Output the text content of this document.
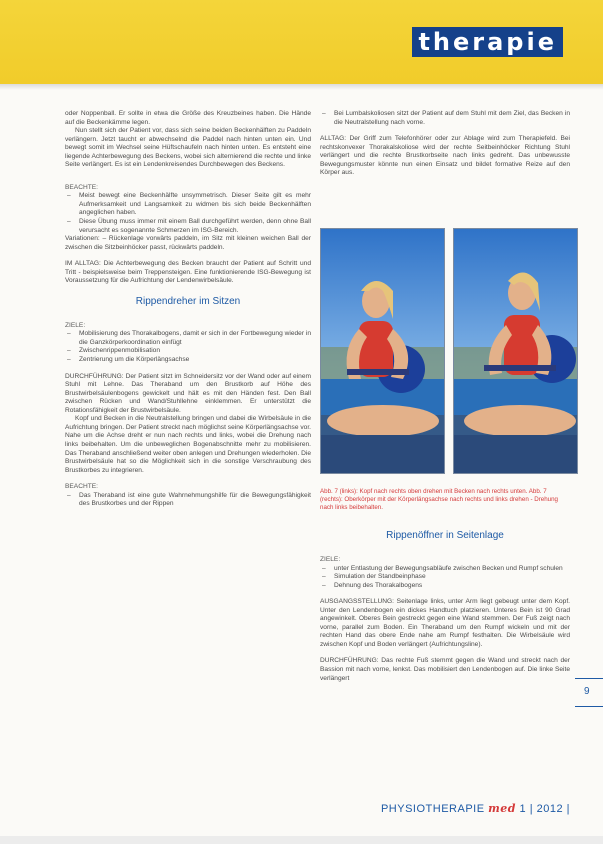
therapie

oder Noppenball. Er sollte in etwa die Größe des Kreuzbeines haben. Die Hände auf die Beckenkämme legen.

Nun stellt sich der Patient vor, dass sich seine beiden Beckenhälften zu Paddeln verlängern. Jetzt taucht er abwechselnd die Paddel nach hinten unten ein. Und bewegt somit im Wechsel seine Hüftschaufeln nach hinten unten. Es entsteht eine liegende Achterbewegung des Beckens, wobei sich alternierend die rechte und linke Seite verlängert. Es ist ein Lendenkreisendes Durchbewegen des Beckens.

BEACHTE:

– Meist bewegt eine Beckenhälfte unsymmetrisch. Dieser Seite gilt es mehr Aufmerksamkeit und Langsamkeit zu widmen bis sich beide Beckenhälften angeglichen haben.
– Diese Übung muss immer mit einem Ball durchgeführt werden, denn ohne Ball verursacht es sogenannte Schmerzen im ISG-Bereich.

Variationen: – Rückenlage vorwärts paddeln, im Sitz mit kleinen weichen Ball der zwischen die Sitzbeinhöcker passt, rückwärts paddeln.

IM ALLTAG: Die Achterbewegung des Becken braucht der Patient auf Schritt und Tritt - beispielsweise beim Treppensteigen. Eine funktionierende ISG-Bewegung ist Voraussetzung für die Aufrichtung der Lendenwirbelsäule.

Rippendreher im Sitzen

ZIELE:

– Mobilisierung des Thorakalbogens, damit er sich in der Fortbewegung wieder in die Ganzkörperkoordination einfügt
– Zwischenrippenmobilisation
– Zentrierung um die Körperlängsachse

DURCHFÜHRUNG: Der Patient sitzt im Schneidersitz vor der Wand oder auf einem Stuhl mit Lehne. Das Theraband um den Brustkorb auf Höhe des Brustwirbelsäulenbogens gewickelt und hält es mit den Händen fest. Den Ball zwischen Rücken und Wand/Stuhllehne einklemmen. Er unterstützt die Rotationsfähigkeit der Brustwirbelsäule.

Kopf und Becken in die Neutralstellung bringen und dabei die Wirbelsäule in die Aufrichtung bringen. Der Patient streckt nach möglichst seine Körperlängsachse vor. Nahe um die Achse dreht er nun nach rechts und links, wobei die Drehung nach links beibehalten. Um die unbeweglichen Bogenabschnitte mehr zu mobilisieren. Das Theraband anschließend weiter oben anlegen und Drehungen wiederholen. Die Brustwirbelsäule hat so die Möglichkeit sich in die sonstige Verschraubung des Brustkorbes zu integrieren.

BEACHTE:

– Das Theraband ist eine gute Wahrnehmungshilfe für die Bewegungsfähigkeit des Brustkorbes und der Rippen
– Bei Lumbalskoliosen sitzt der Patient auf dem Stuhl mit dem Ziel, das Becken in die Neutralstellung nach vorne.

ALLTAG: Der Griff zum Telefonhörer oder zur Ablage wird zum Therapiefeld. Bei rechtskonvexer Thorakalskoliose wird der rechte Seitbeinhöcker Richtung Stuhl verlängert und die rechte Brustkorbseite nach links gedreht. Das unbewusste Bewegungsmuster könnte nun einen Einsatz und bildet formative Reize auf den Körper aus.

Abb. 7 (links): Kopf nach rechts oben drehen mit Becken nach rechts unten. Abb. 7 (rechts): Oberkörper mit der Körperlängsachse nach rechts und links drehen - Drehung nach links beibehalten.

Rippenöffner in Seitenlage

ZIELE:

– unter Entlastung der Bewegungsabläufe zwischen Becken und Rumpf schulen
– Simulation der Standbeinphase
– Dehnung des Thorakalbogens

AUSGANGSSTELLUNG: Seitenlage links, unter Arm liegt gebeugt unter dem Kopf. Unter den Lendenbogen ein dickes Handtuch platzieren. Unteres Bein ist 90 Grad angewinkelt. Oberes Bein gestreckt gegen eine Wand stemmen. Der Fuß zeigt nach vorne, parallel zum Boden. Ein Theraband um den Rumpf wickeln und mit der rechten Hand das obere Ende nahe am Rumpf festhalten. Die Wirbelsäule wird zwischen Kopf und Boden verlängert (Aufrichtungsline).

DURCHFÜHRUNG: Das rechte Fuß stemmt gegen die Wand und streckt nach der Bassion mit nach vorne, lenkst. Das mobilisiert den Lendenbogen auf. Die linke Seite verlängert

9
PHYSIOTHERAPIE med 1 | 2012 |
